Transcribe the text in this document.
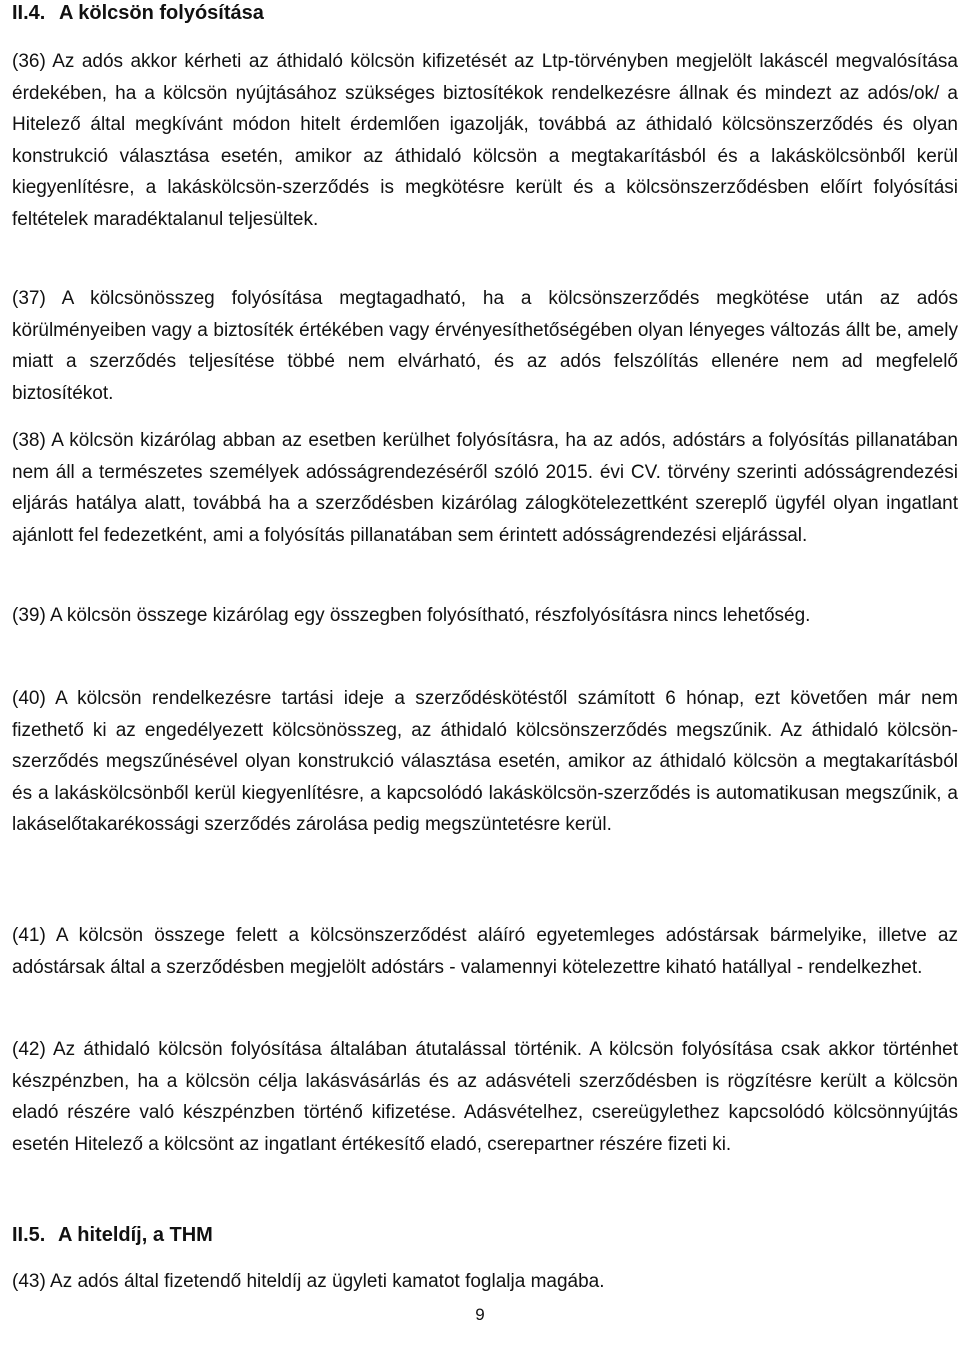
II.4. A kölcsön folyósítása

(36) Az adós akkor kérheti az áthidaló kölcsön kifizetését az Ltp-törvényben megjelölt lakáscél megvalósítása érdekében, ha a kölcsön nyújtásához szükséges biztosítékok rendelkezésre állnak és mindezt az adós/ok/ a Hitelező által megkívánt módon hitelt érdemlően igazolják, továbbá az áthidaló kölcsönszerződés és olyan konstrukció választása esetén, amikor az áthidaló kölcsön a megtakarításból és a lakáskölcsönből kerül kiegyenlítésre, a lakáskölcsön-szerződés is megkötésre került és a kölcsönszerződésben előírt folyósítási feltételek maradéktalanul teljesültek.

(37) A kölcsönösszeg folyósítása megtagadható, ha a kölcsönszerződés megkötése után az adós körülményeiben vagy a biztosíték értékében vagy érvényesíthetőségében olyan lényeges változás állt be, amely miatt a szerződés teljesítése többé nem elvárható, és az adós felszólítás ellenére nem ad megfelelő biztosítékot.

(38) A kölcsön kizárólag abban az esetben kerülhet folyósításra, ha az adós, adóstárs a folyósítás pillanatában nem áll a természetes személyek adósságrendezéséről szóló 2015. évi CV. törvény szerinti adósságrendezési eljárás hatálya alatt, továbbá ha a szerződésben kizárólag zálogkötelezettként szereplő ügyfél olyan ingatlant ajánlott fel fedezetként, ami a folyósítás pillanatában sem érintett adósságrendezési eljárással.

(39) A kölcsön összege kizárólag egy összegben folyósítható, részfolyósításra nincs lehetőség.

(40) A kölcsön rendelkezésre tartási ideje a szerződéskötéstől számított 6 hónap, ezt követően már nem fizethető ki az engedélyezett kölcsönösszeg, az áthidaló kölcsönszerződés megszűnik. Az áthidaló kölcsön-szerződés megszűnésével olyan konstrukció választása esetén, amikor az áthidaló kölcsön a megtakarításból és a lakáskölcsönből kerül kiegyenlítésre, a kapcsolódó lakáskölcsön-szerződés is automatikusan megszűnik, a lakáselőtakarékossági szerződés zárolása pedig megszüntetésre kerül.

(41) A kölcsön összege felett a kölcsönszerződést aláíró egyetemleges adóstársak bármelyike, illetve az adóstársak által a szerződésben megjelölt adóstárs - valamennyi kötelezettre kiható hatállyal - rendelkezhet.

(42) Az áthidaló kölcsön folyósítása általában átutalással történik. A kölcsön folyósítása csak akkor történhet készpénzben, ha a kölcsön célja lakásvásárlás és az adásvételi szerződésben is rögzítésre került a kölcsön eladó részére való készpénzben történő kifizetése. Adásvételhez, csereügylethez kapcsolódó kölcsönnyújtás esetén Hitelező a kölcsönt az ingatlant értékesítő eladó, cserepartner részére fizeti ki.

II.5. A hiteldíj, a THM

(43) Az adós által fizetendő hiteldíj az ügyleti kamatot foglalja magába.

9
